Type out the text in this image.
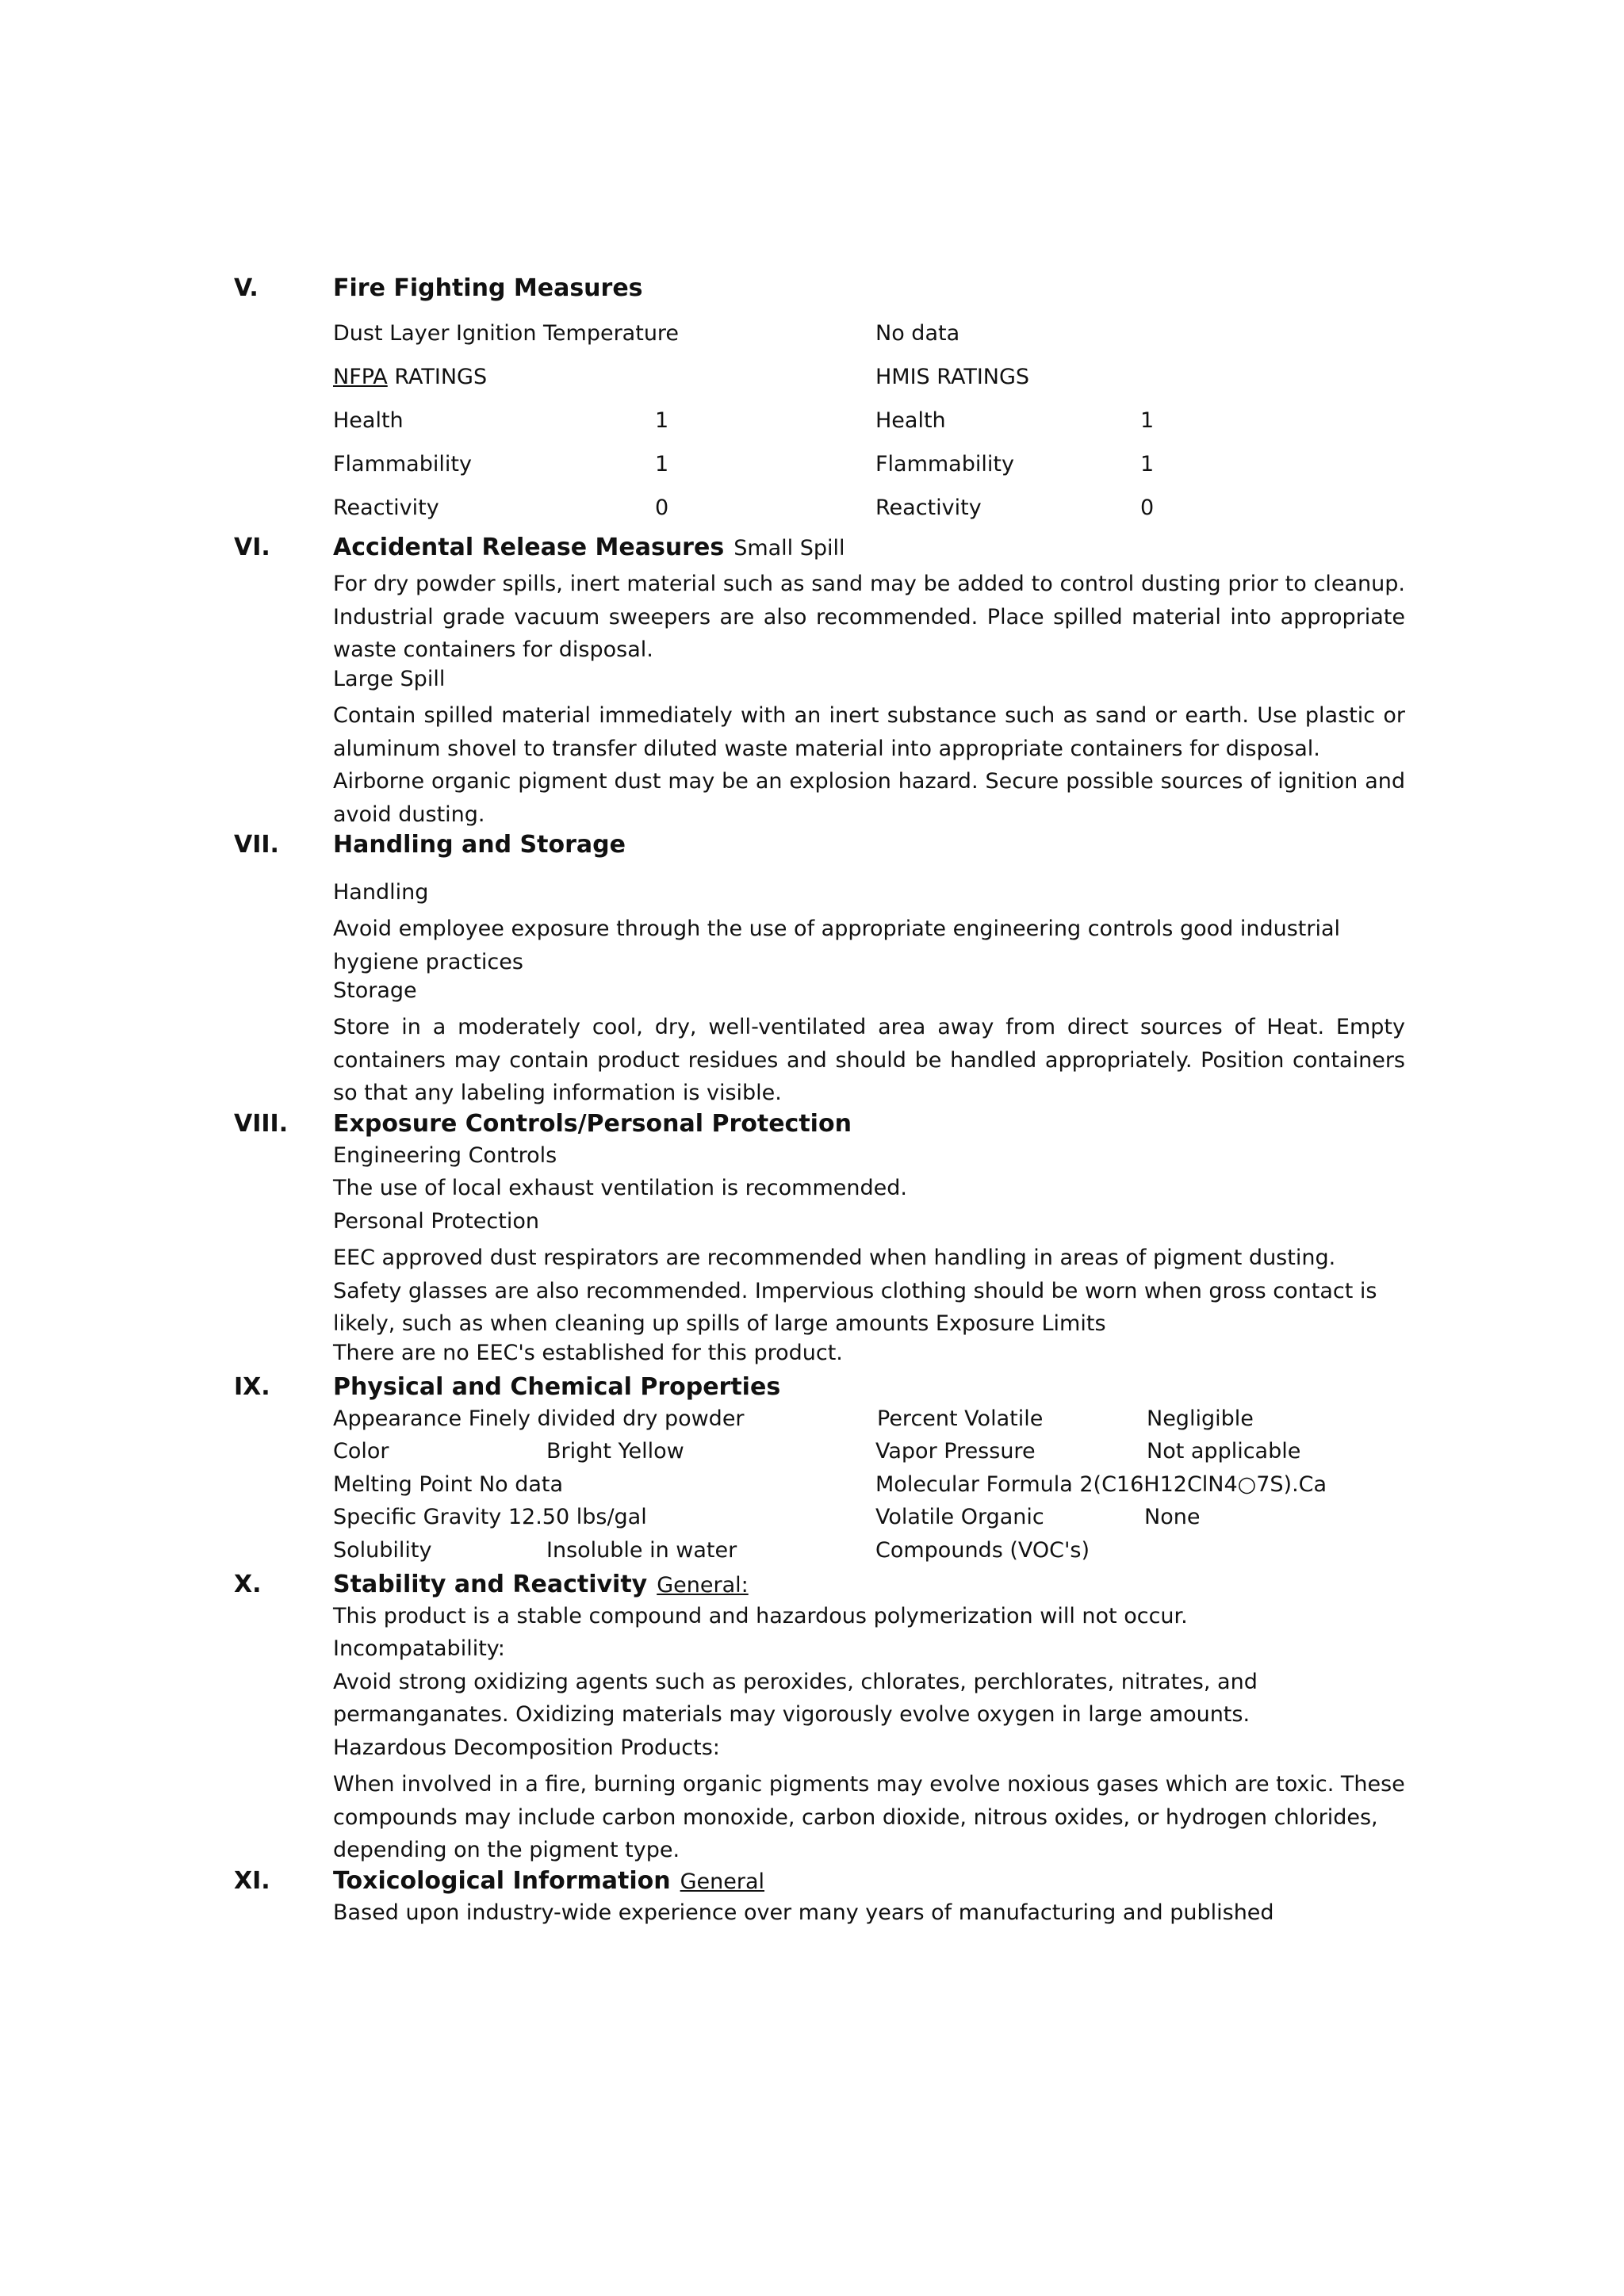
V.	Fire Fighting Measures
Dust Layer Ignition Temperature	No data
NFPA RATINGS	HMIS RATINGS
Health	1	Health	1
Flammability	1	Flammability	1
Reactivity	0	Reactivity	0
VI.	Accidental Release Measures Small Spill
For dry powder spills, inert material such as sand may be added to control dusting prior to cleanup. Industrial grade vacuum sweepers are also recommended. Place spilled material into appropriate waste containers for disposal.
Large Spill
Contain spilled material immediately with an inert substance such as sand or earth. Use plastic or aluminum shovel to transfer diluted waste material into appropriate containers for disposal.
Airborne organic pigment dust may be an explosion hazard. Secure possible sources of ignition and avoid dusting.
VII. Handling and Storage
Handling
Avoid employee exposure through the use of appropriate engineering controls good industrial hygiene practices
Storage
Store in a moderately cool, dry, well-ventilated area away from direct sources of Heat. Empty containers may contain product residues and should be handled appropriately. Position containers so that any labeling information is visible.
VIII. Exposure Controls/Personal Protection
Engineering Controls
The use of local exhaust ventilation is recommended.
Personal Protection
EEC approved dust respirators are recommended when handling in areas of pigment dusting. Safety glasses are also recommended. Impervious clothing should be worn when gross contact is likely, such as when cleaning up spills of large amounts Exposure Limits
There are no EEC's established for this product.
IX.	Physical and Chemical Properties
Appearance Finely divided dry powder	Percent Volatile	Negligible
Color	Bright Yellow	Vapor Pressure	Not applicable
Melting Point No data	Molecular Formula 2(C16H12ClN4○7S).Ca
Specific Gravity 12.50 lbs/gal	Volatile Organic	None
Solubility	Insoluble in water	Compounds (VOC's)
X.	Stability and Reactivity General:
This product is a stable compound and hazardous polymerization will not occur.
Incompatability:
Avoid strong oxidizing agents such as peroxides, chlorates, perchlorates, nitrates, and
permanganates. Oxidizing materials may vigorously evolve oxygen in large amounts.
Hazardous Decomposition Products:
When involved in a fire, burning organic pigments may evolve noxious gases which are toxic. These compounds may include carbon monoxide, carbon dioxide, nitrous oxides, or hydrogen chlorides, depending on the pigment type.
XI.	Toxicological Information General
Based upon industry-wide experience over many years of manufacturing and published
